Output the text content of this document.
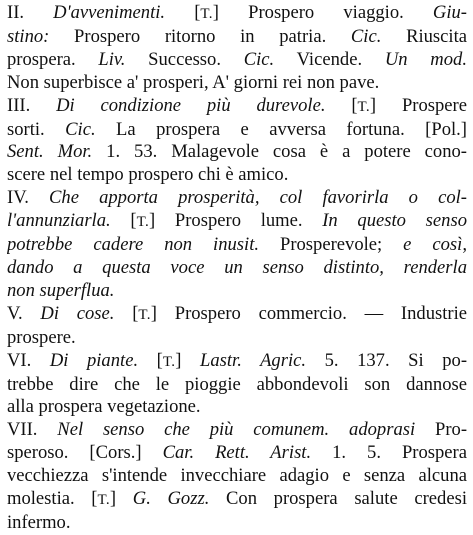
II. D'avvenimenti. [T.] Prospero viaggio. Giu-
stino: Prospero ritorno in patria. Cic. Riuscita
prospera. Liv. Successo. Cic. Vicende. Un mod.
Non superbisce a' prosperi, A' giorni rei non pave.
III. Di condizione più durevole. [T.] Prospere
sorti. Cic. La prospera e avversa fortuna. [Pol.]
Sent. Mor. 1. 53. Malagevole cosa è a potere cono-
scere nel tempo prospero chi è amico.
IV. Che apporta prosperità, col favorirla o col-
l'annunziarla. [T.] Prospero lume. In questo senso
potrebbe cadere non inusit. Prosperevole; e così,
dando a questa voce un senso distinto, renderla
non superflua.
V. Di cose. [T.] Prospero commercio. — Industrie
prospere.
VI. Di piante. [T.] Lastr. Agric. 5. 137. Si po-
trebbe dire che le pioggie abbondevoli son dannose
alla prospera vegetazione.
VII. Nel senso che più comunem. adoprasi Pro-
speroso. [Cors.] Car. Rett. Arist. 1. 5. Prospera
vecchiezza s'intende invecchiare adagio e senza alcuna
molestia. [T.] G. Gozz. Con prospera salute credesi
infermo.
